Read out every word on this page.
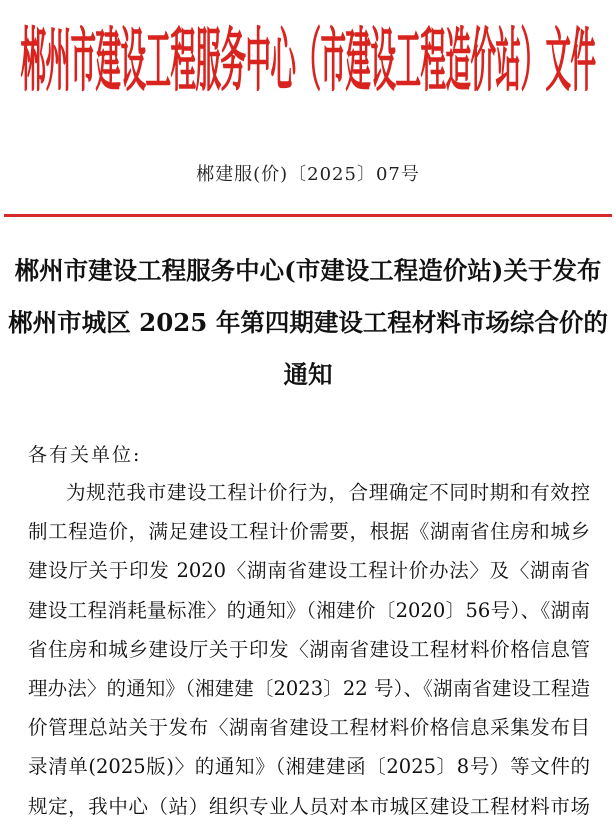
郴州市建设工程服务中心（市建设工程造价站）文件
郴建服(价)〔2025〕07号
郴州市建设工程服务中心(市建设工程造价站)关于发布
郴州市城区 2025 年第四期建设工程材料市场综合价的
通知
各有关单位:
为规范我市建设工程计价行为，合理确定不同时期和有效控
制工程造价，满足建设工程计价需要，根据《湖南省住房和城乡
建设厅关于印发 2020〈湖南省建设工程计价办法〉及〈湖南省
建设工程消耗量标准〉的通知》（湘建价〔2020〕56号）、《湖南
省住房和城乡建设厅关于印发〈湖南省建设工程材料价格信息管
理办法〉的通知》（湘建建〔2023〕22 号）、《湖南省建设工程造
价管理总站关于发布〈湖南省建设工程材料价格信息采集发布目
录清单(2025版)〉的通知》（湘建建函〔2025〕8号）等文件的
规定，我中心（站）组织专业人员对本市城区建设工程材料市场
